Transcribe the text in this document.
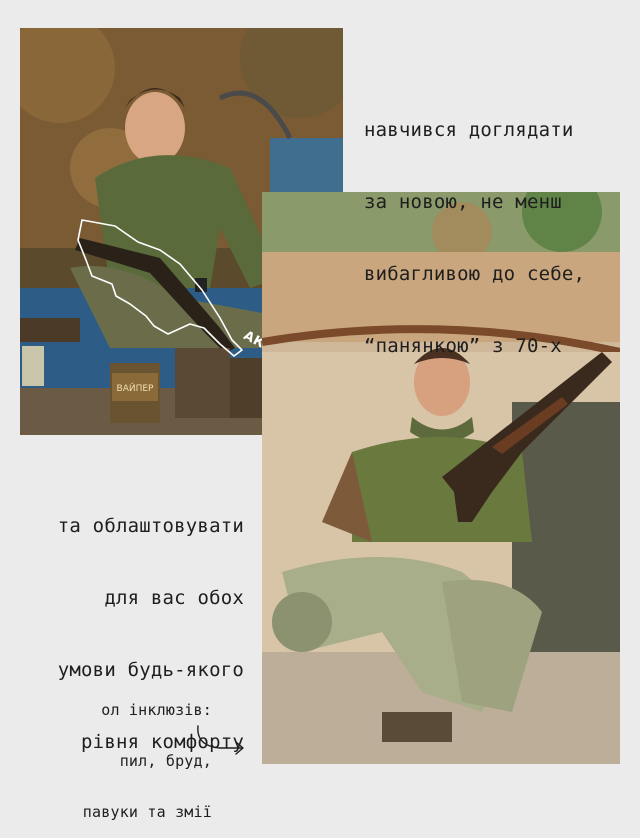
ВАЙПЕР

навчився доглядати

за новою, не менш

вибагливою до себе,

“панянкою” з 70-х

та облаштовувати

для вас обох

умови будь-якого

рівня комфорту

ол інклюзів:

пил, бруд,

павуки та змії
